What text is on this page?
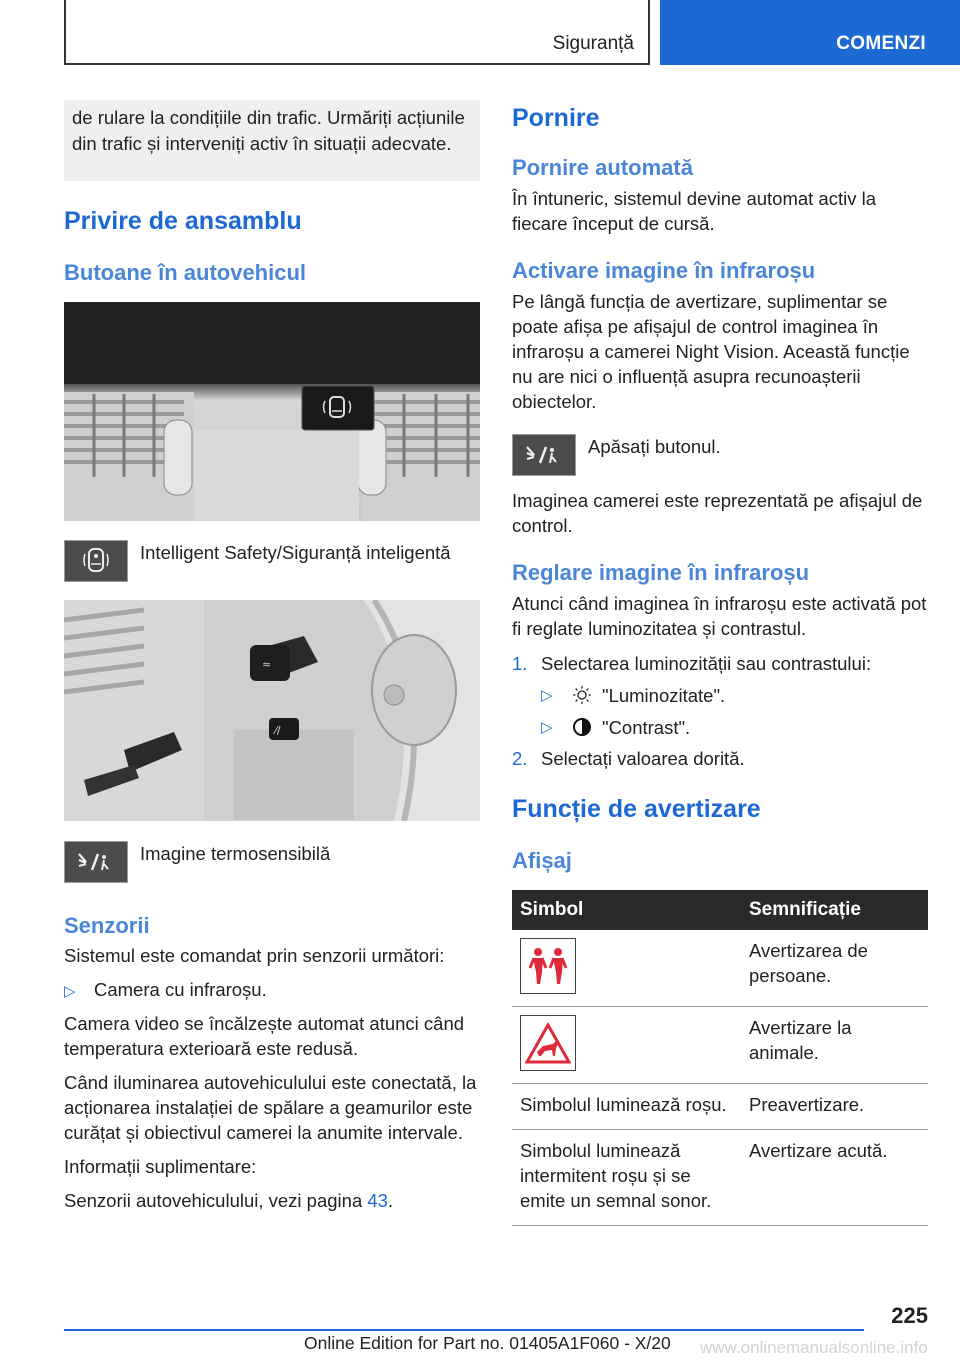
Siguranță	COMENZI

de rulare la condițiile din trafic. Urmăriți acțiunile din trafic și interveniți activ în situații adecvate.

Privire de ansamblu
Butoane în autovehicul

Intelligent Safety/Siguranță inteligentă

≈
⁄/

Imagine termosensibilă

Senzorii

Sistemul este comandat prin senzorii următori:

▷ Camera cu infraroșu.

Camera video se încălzește automat atunci când temperatura exterioară este redusă.

Când iluminarea autovehiculului este conectată, la acționarea instalației de spălare a geamurilor este curățat și obiectivul camerei la anumite intervale.

Informații suplimentare:

Senzorii autovehiculului, vezi pagina 43.

Pornire
Pornire automată

În întuneric, sistemul devine automat activ la fiecare început de cursă.

Activare imagine în infraroșu

Pe lângă funcția de avertizare, suplimentar se poate afișa pe afișajul de control imaginea în infraroșu a camerei Night Vision. Această funcție nu are nici o influență asupra recunoașterii obiectelor.

Apăsați butonul.

Imaginea camerei este reprezentată pe afișajul de control.

Reglare imagine în infraroșu

Atunci când imaginea în infraroșu este activată pot fi reglate luminozitatea și contrastul.

1. Selectarea luminozității sau contrastului:

▷	"Luminozitate".

▷	"Contrast".

2. Selectați valoarea dorită.

Funcție de avertizare
Afișaj
Simbol	Semnificație

	Avertizarea de persoane.

	Avertizare la animale.
Simbolul luminează roșu.	Preavertizare.
Simbolul luminează intermitent roșu și se emite un semnal sonor.	Avertizare acută.
225
Online Edition for Part no. 01405A1F060 - X/20 www.onlinemanualsonline.info
